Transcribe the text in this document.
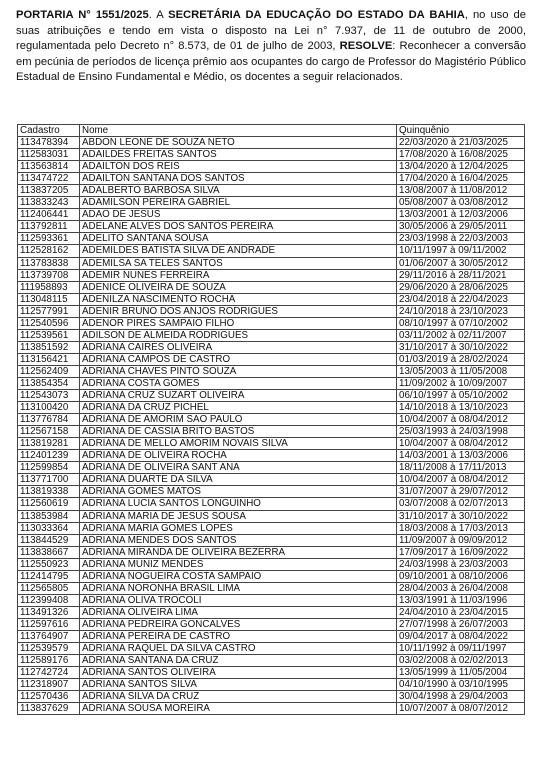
PORTARIA N° 1551/2025. A SECRETÁRIA DA EDUCAÇÃO DO ESTADO DA BAHIA, no uso de suas atribuições e tendo em vista o disposto na Lei n° 7.937, de 11 de outubro de 2000, regulamentada pelo Decreto n° 8.573, de 01 de julho de 2003, RESOLVE: Reconhecer a conversão em pecúnia de períodos de licença prêmio aos ocupantes do cargo de Professor do Magistério Público Estadual de Ensino Fundamental e Médio, os docentes a seguir relacionados.
Cadastro	Nome	Quinquênio
113478394	ABDON LEONE DE SOUZA NETO	22/03/2020 à 21/03/2025
112583031	ADAILDES FREITAS SANTOS	17/08/2020 à 16/08/2025
113563814	ADAILTON DOS REIS	13/04/2020 à 12/04/2025
113474722	ADAILTON SANTANA DOS SANTOS	17/04/2020 à 16/04/2025
113837205	ADALBERTO BARBOSA SILVA	13/08/2007 à 11/08/2012
113833243	ADAMILSON PEREIRA GABRIEL	05/08/2007 à 03/08/2012
112406441	ADAO DE JESUS	13/03/2001 à 12/03/2006
113792811	ADELANE ALVES DOS SANTOS PEREIRA	30/05/2006 à 29/05/2011
112593361	ADELITO SANTANA SOUSA	23/03/1998 à 22/03/2003
112528162	ADEMILDES BATISTA SILVA DE ANDRADE	10/11/1997 à 09/11/2002
113783838	ADEMILSA SA TELES SANTOS	01/06/2007 à 30/05/2012
113739708	ADEMIR NUNES FERREIRA	29/11/2016 à 28/11/2021
111958893	ADENICE OLIVEIRA DE SOUZA	29/06/2020 à 28/06/2025
113048115	ADENILZA NASCIMENTO ROCHA	23/04/2018 à 22/04/2023
112577991	ADENIR BRUNO DOS ANJOS RODRIGUES	24/10/2018 à 23/10/2023
112540596	ADENOR PIRES SAMPAIO FILHO	08/10/1997 à 07/10/2002
112539561	ADILSON DE ALMEIDA RODRIGUES	03/11/2002 à 02/11/2007
113851592	ADRIANA CAIRES OLIVEIRA	31/10/2017 à 30/10/2022
113156421	ADRIANA CAMPOS DE CASTRO	01/03/2019 à 28/02/2024
112562409	ADRIANA CHAVES PINTO SOUZA	13/05/2003 à 11/05/2008
113854354	ADRIANA COSTA GOMES	11/09/2002 à 10/09/2007
112543073	ADRIANA CRUZ SUZART OLIVEIRA	06/10/1997 à 05/10/2002
113100420	ADRIANA DA CRUZ PICHEL	14/10/2018 à 13/10/2023
113776784	ADRIANA DE AMORIM SAO PAULO	10/04/2007 à 08/04/2012
112567158	ADRIANA DE CASSIA BRITO BASTOS	25/03/1993 à 24/03/1998
113819281	ADRIANA DE MELLO AMORIM NOVAIS SILVA	10/04/2007 à 08/04/2012
112401239	ADRIANA DE OLIVEIRA ROCHA	14/03/2001 à 13/03/2006
112599854	ADRIANA DE OLIVEIRA SANT ANA	18/11/2008 à 17/11/2013
113771700	ADRIANA DUARTE DA SILVA	10/04/2007 à 08/04/2012
113819338	ADRIANA GOMES MATOS	31/07/2007 à 29/07/2012
112560619	ADRIANA LUCIA SANTOS LONGUINHO	03/07/2008 à 02/07/2013
113853984	ADRIANA MARIA DE JESUS SOUSA	31/10/2017 à 30/10/2022
113033364	ADRIANA MARIA GOMES LOPES	18/03/2008 à 17/03/2013
113844529	ADRIANA MENDES DOS SANTOS	11/09/2007 à 09/09/2012
113838667	ADRIANA MIRANDA DE OLIVEIRA BEZERRA	17/09/2017 à 16/09/2022
112550923	ADRIANA MUNIZ MENDES	24/03/1998 à 23/03/2003
112414795	ADRIANA NOGUEIRA COSTA SAMPAIO	09/10/2001 à 08/10/2006
112565805	ADRIANA NORONHA BRASIL LIMA	28/04/2003 à 26/04/2008
112399408	ADRIANA OLIVA TROCOLI	13/03/1991 à 11/03/1996
113491326	ADRIANA OLIVEIRA LIMA	24/04/2010 à 23/04/2015
112597616	ADRIANA PEDREIRA GONCALVES	27/07/1998 à 26/07/2003
113764907	ADRIANA PEREIRA DE CASTRO	09/04/2017 à 08/04/2022
112539579	ADRIANA RAQUEL DA SILVA CASTRO	10/11/1992 à 09/11/1997
112589176	ADRIANA SANTANA DA CRUZ	03/02/2008 à 02/02/2013
112742724	ADRIANA SANTOS OLIVEIRA	13/05/1999 à 11/05/2004
112318907	ADRIANA SANTOS SILVA	04/10/1990 à 03/10/1995
112570436	ADRIANA SILVA DA CRUZ	30/04/1998 à 29/04/2003
113837629	ADRIANA SOUSA MOREIRA	10/07/2007 à 08/07/2012
